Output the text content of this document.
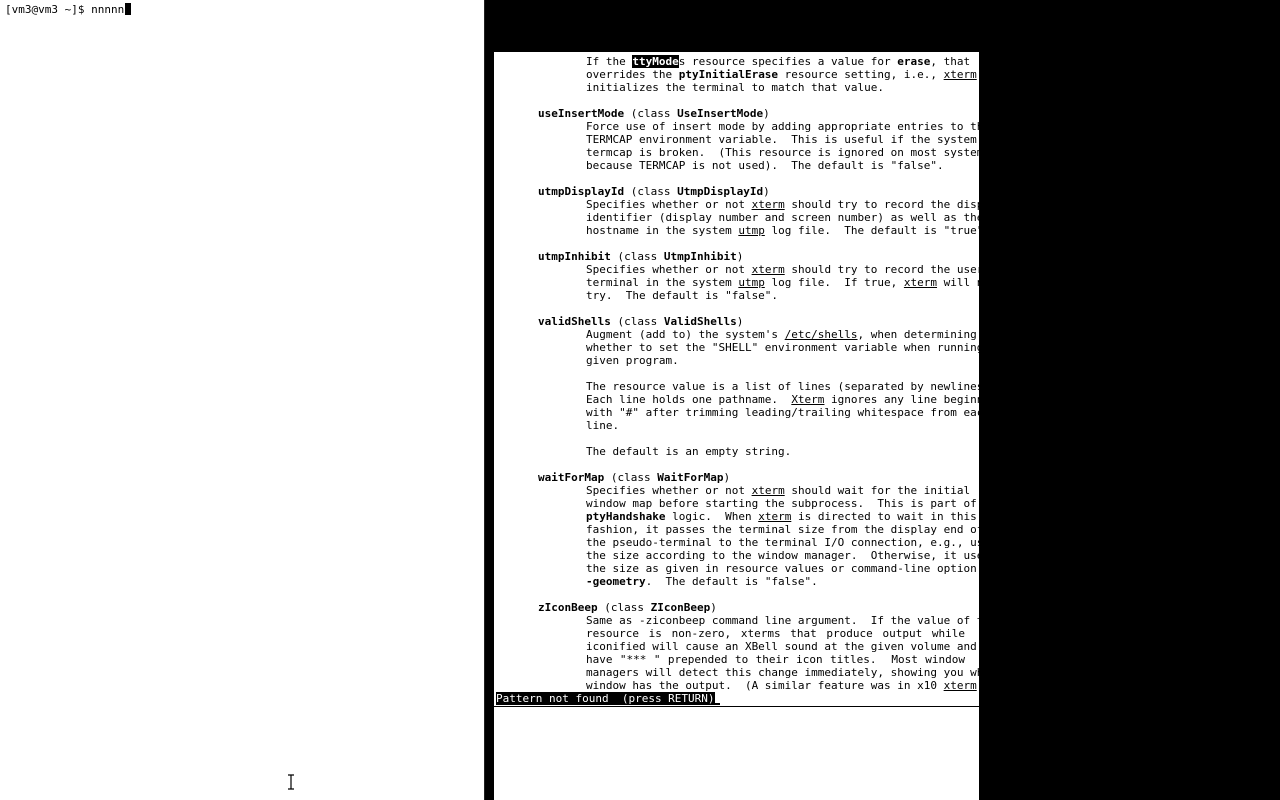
[vm3@vm3 ~]$ nnnnn
If the ttyModes resource specifies a value for erase, that
overrides the ptyInitialErase resource setting, i.e., xterm
initializes the terminal to match that value.
useInsertMode (class UseInsertMode)
Force use of insert mode by adding appropriate entries to the
TERMCAP environment variable.  This is useful if the system
termcap is broken.  (This resource is ignored on most systems,
because TERMCAP is not used).  The default is "false".
utmpDisplayId (class UtmpDisplayId)
Specifies whether or not xterm should try to record the display
identifier (display number and screen number) as well as the
hostname in the system utmp log file.  The default is "true".
utmpInhibit (class UtmpInhibit)
Specifies whether or not xterm should try to record the user's
terminal in the system utmp log file.  If true, xterm will not
try.  The default is "false".
validShells (class ValidShells)
Augment (add to) the system's /etc/shells, when determining
whether to set the "SHELL" environment variable when running a
given program.
The resource value is a list of lines (separated by newlines).
Each line holds one pathname.  Xterm ignores any line beginning
with "#" after trimming leading/trailing whitespace from each
line.
The default is an empty string.
waitForMap (class WaitForMap)
Specifies whether or not xterm should wait for the initial
window map before starting the subprocess.  This is part of the
ptyHandshake logic.  When xterm is directed to wait in this
fashion, it passes the terminal size from the display end of
the pseudo-terminal to the terminal I/O connection, e.g., using
the size according to the window manager.  Otherwise, it uses
the size as given in resource values or command-line option
-geometry.  The default is "false".
zIconBeep (class ZIconBeep)
Same as -ziconbeep command line argument.  If the value of this
resource is non-zero, xterms that produce output while
iconified will cause an XBell sound at the given volume and
have "*** " prepended to their icon titles.  Most window
managers will detect this change immediately, showing you which
window has the output.  (A similar feature was in x10 xterm.)
Pattern not found  (press RETURN)
